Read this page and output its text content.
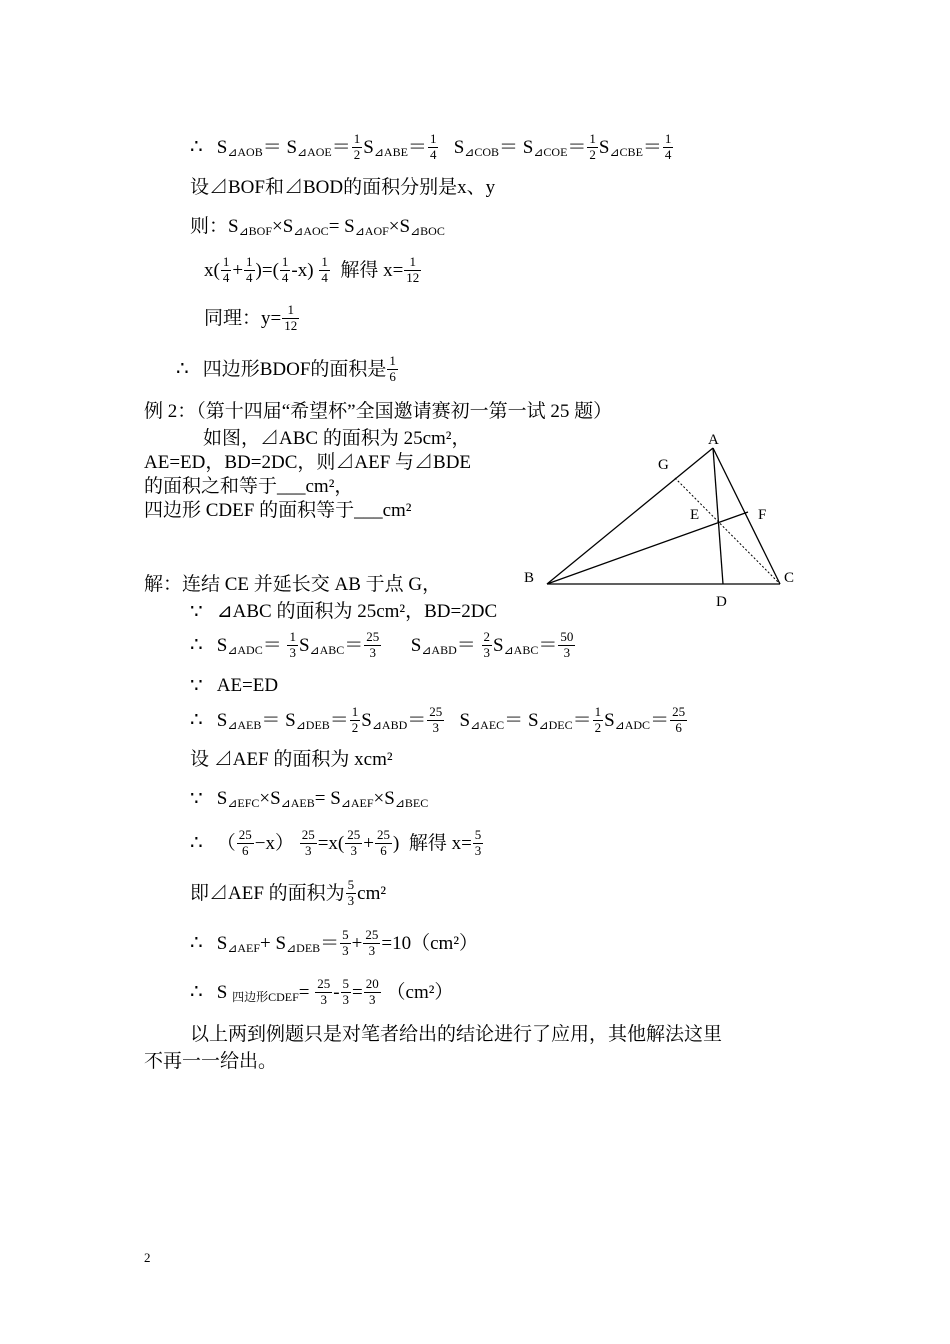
∴ $S_{⊿AOB}= S_{⊿AOE}= \frac{1}{2} S_{⊿ABE}= \frac{1}{4} S_{⊿COB}= S_{⊿COE}= \frac{1}{2} S_{⊿CBE}= \frac{1}{4}$
设⊿BOF和⊿BOD的面积分别是x、y
则：$S_{⊿BOF}\times S_{⊿AOC}= S_{⊿AOF}\times S_{⊿BOC}$
$x( \frac{1}{4} + \frac{1}{4}$ )=( $\frac{1}{4} -x) \frac{1}{4}$ 解得 $x= \frac{1}{12}$
同理：$y= \frac{1}{12}$
∴ 四边形BDOF的面积是 $\frac{1}{6}$
例 2：（第十四届“希望杯”全国邀请赛初一第一试 25 题）
如图，⊿ABC 的面积为 25cm²，
AE=ED，BD=2DC，则⊿AEF 与⊿BDE
的面积之和等于___cm²，
四边形 CDEF 的面积等于___cm²
A
B	C
D
E	F
G
解：连结 CE 并延长交 AB 于点 G，
∵ ⊿ABC 的面积为 25cm²，BD=2DC
∴ $S_{⊿ADC}= \frac{1}{3} S_{⊿ABC}= \frac{25}{3} S_{⊿ABD}= \frac{2}{3} S_{⊿ABC}= \frac{50}{3}$
∵ AE=ED
∴ $S_{⊿AEB}= S_{⊿DEB}= \frac{1}{2} S_{⊿ABD}= \frac{25}{3} S_{⊿AEC}= S_{⊿DEC}= \frac{1}{2} S_{⊿ADC}= \frac{25}{6}$
设 ⊿AEF 的面积为 xcm²
∵ $S_{⊿EFC}\times S_{⊿AEB}= S_{⊿AEF}\times S_{⊿BEC}$
∴ （ $\frac{25}{6} -x) \frac{25}{3} =x( \frac{25}{3} + \frac{25}{6}$ ) 解得 $x= \frac{5}{3}$
即⊿AEF 的面积为 $\frac{5}{3} cm^2$
∴ $S_{⊿AEF}+ S_{⊿DEB}= \frac{5}{3} + \frac{25}{3} =10(cm^2)$
∴ S $_{四边形CDEF}= \frac{25}{3} - \frac{5}{3} = \frac{20}{3} (cm^2)$
以上两到例题只是对笔者给出的结论进行了应用，其他解法这里
不再一一给出。
2
